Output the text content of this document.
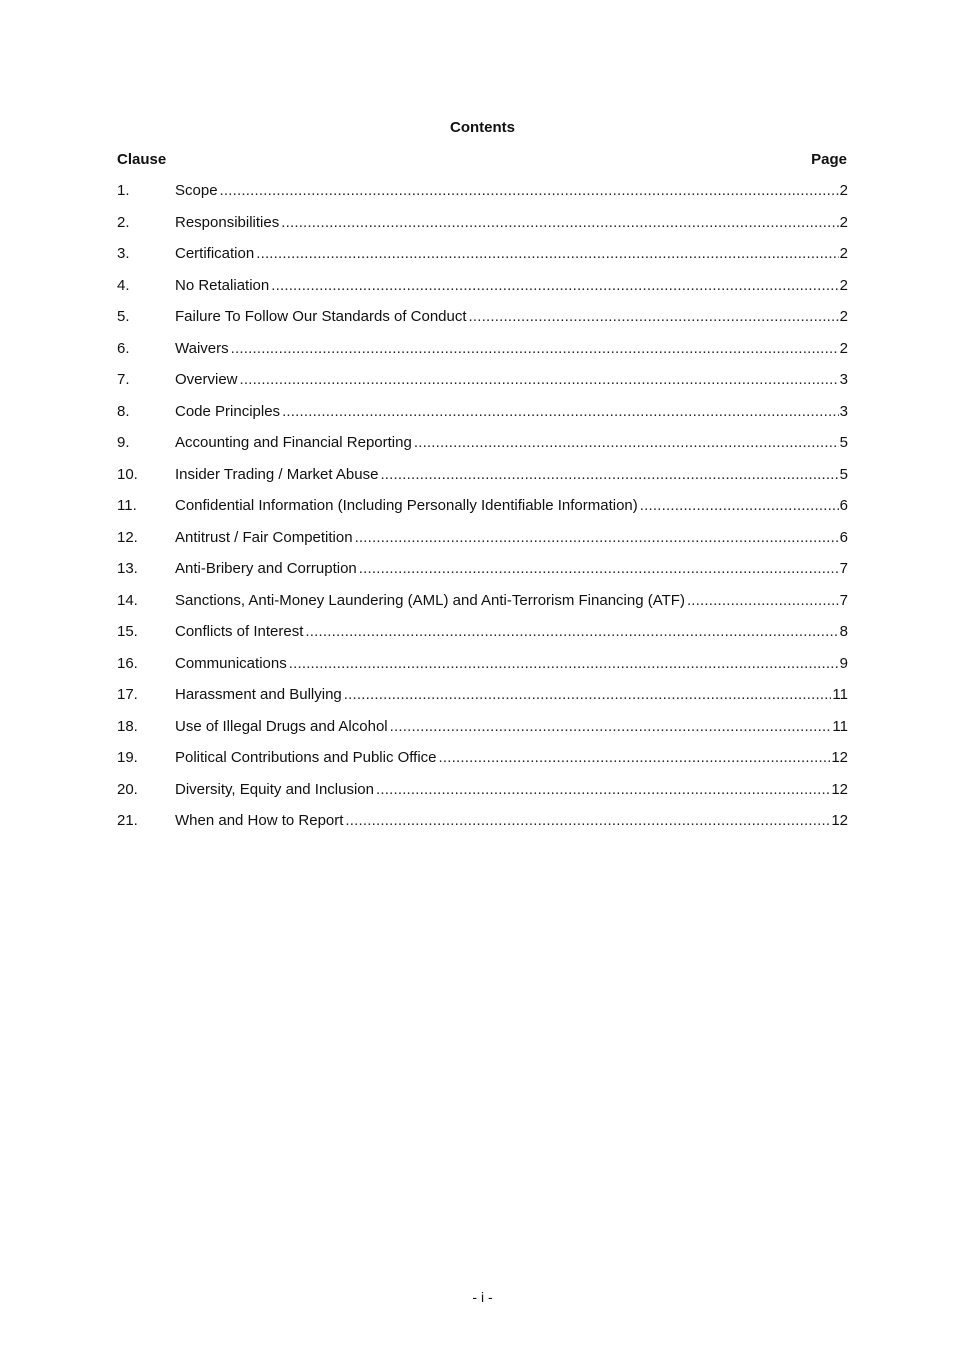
Contents
Clause	Page
1.	Scope .....	2
2.	Responsibilities .....	2
3.	Certification .....	2
4.	No Retaliation .....	2
5.	Failure To Follow Our Standards of Conduct .....	2
6.	Waivers .....	2
7.	Overview .....	3
8.	Code Principles .....	3
9.	Accounting and Financial Reporting .....	5
10.	Insider Trading / Market Abuse .....	5
11.	Confidential Information (Including Personally Identifiable Information) .....	6
12.	Antitrust / Fair Competition .....	6
13.	Anti-Bribery and Corruption .....	7
14.	Sanctions, Anti-Money Laundering (AML) and Anti-Terrorism Financing (ATF) .....	7
15.	Conflicts of Interest .....	8
16.	Communications .....	9
17.	Harassment and Bullying .....	11
18.	Use of Illegal Drugs and Alcohol .....	11
19.	Political Contributions and Public Office .....	12
20.	Diversity, Equity and Inclusion .....	12
21.	When and How to Report .....	12
- i -
